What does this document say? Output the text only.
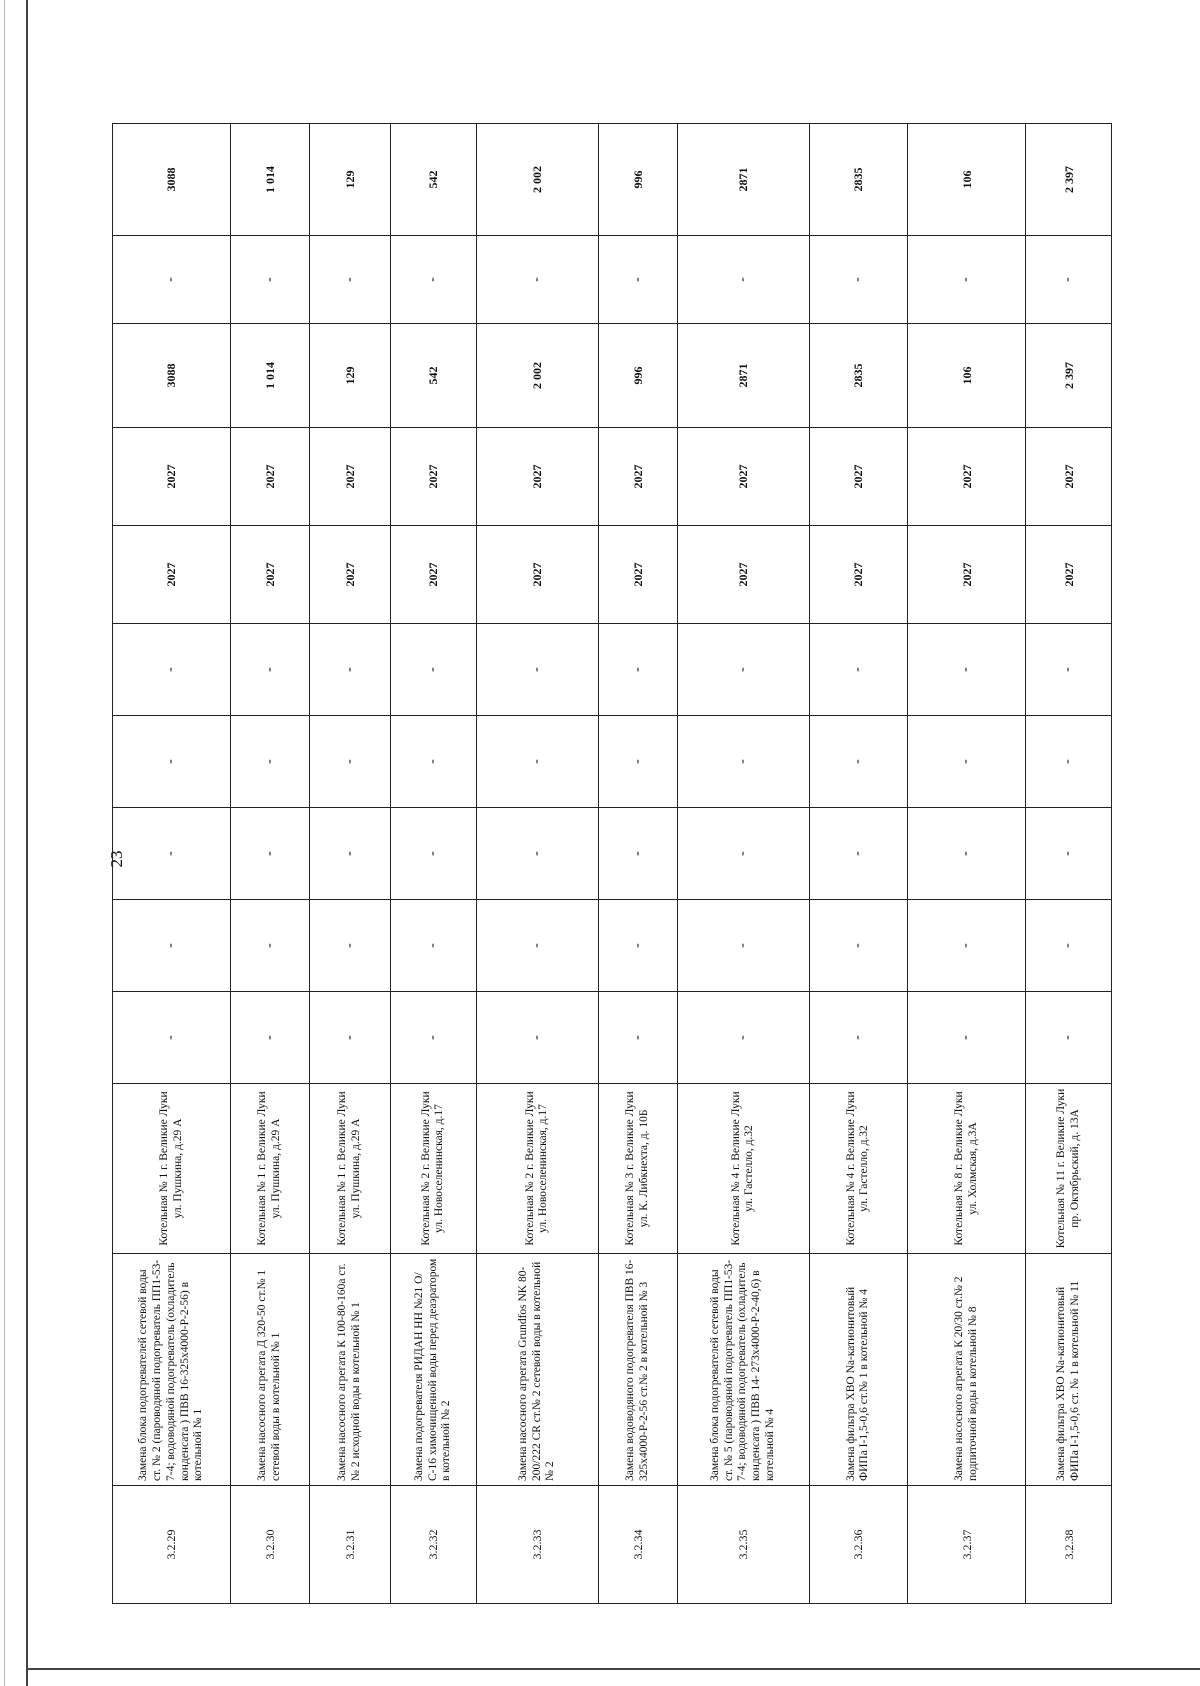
23
3.2.29	Замена блока подогревателей сетевой воды ст. № 2 (пароводяной подогреватель ПП1-53-7-4; водоводяной подогреватель (охладитель конденсата ) ПВВ 16-325х4000-Р-2-56) в котельной № 1	Котельная № 1 г. Великие Луки ул. Пушкина, д.29 А	-	-	-	-	-	2027	2027	3088	-	3088
3.2.30	Замена насосного агрегата Д 320-50 ст.№ 1 сетевой воды в котельной № 1	Котельная № 1 г. Великие Луки ул. Пушкина, д.29 А	-	-	-	-	-	2027	2027	1 014	-	1 014
3.2.31	Замена насосного агрегата К 100-80-160а ст.№ 2 исходной воды в котельной № 1	Котельная № 1 г. Великие Луки ул. Пушкина, д.29 А	-	-	-	-	-	2027	2027	129	-	129
3.2.32	Замена подогревателя РИДАН НН №21 О/С-16 химочищенной воды перед деаэратором в котельной № 2	Котельная № 2 г. Великие Луки ул. Новоселенинская, д.17	-	-	-	-	-	2027	2027	542	-	542
3.2.33	Замена насосного агрегата Grundfos NK 80-200/222 CR ст.№ 2 сетевой воды в котельной № 2	Котельная № 2 г. Великие Луки ул. Новоселенинская, д.17	-	-	-	-	-	2027	2027	2 002	-	2 002
3.2.34	Замена водоводяного подогревателя ПВВ 16-325х4000-Р-2-56 ст.№ 2 в котельной № 3	Котельная № 3 г. Великие Луки ул. К. Либкнехта, д. 10Б	-	-	-	-	-	2027	2027	996	-	996
3.2.35	Замена блока подогревателей сетевой воды ст. № 5 (пароводяной подогреватель ПП1-53-7-4; водоводяной подогреватель (охладитель конденсата ) ПВВ 14- 273х4000-Р-2-40,6) в котельной № 4	Котельная № 4 г. Великие Луки ул. Гастелло, д.32	-	-	-	-	-	2027	2027	2871	-	2871
3.2.36	Замена фильтра ХВО Na-катионитовый ФИПа I-1,5-0,6 ст.№ 1 в котельной № 4	Котельная № 4 г. Великие Луки ул. Гастелло, д.32	-	-	-	-	-	2027	2027	2835	-	2835
3.2.37	Замена насосного агрегата К 20/30 ст.№ 2 подпиточной воды в котельной № 8	Котельная № 8 г. Великие Луки ул. Холмская, д.3А	-	-	-	-	-	2027	2027	106	-	106
3.2.38	Замена фильтра ХВО Na-катионитовый ФИПа I-1,5-0,6 ст. № 1 в котельной № 11	Котельная № 11 г. Великие Луки пр. Октябрьский, д. 13А	-	-	-	-	-	2027	2027	2 397	-	2 397
